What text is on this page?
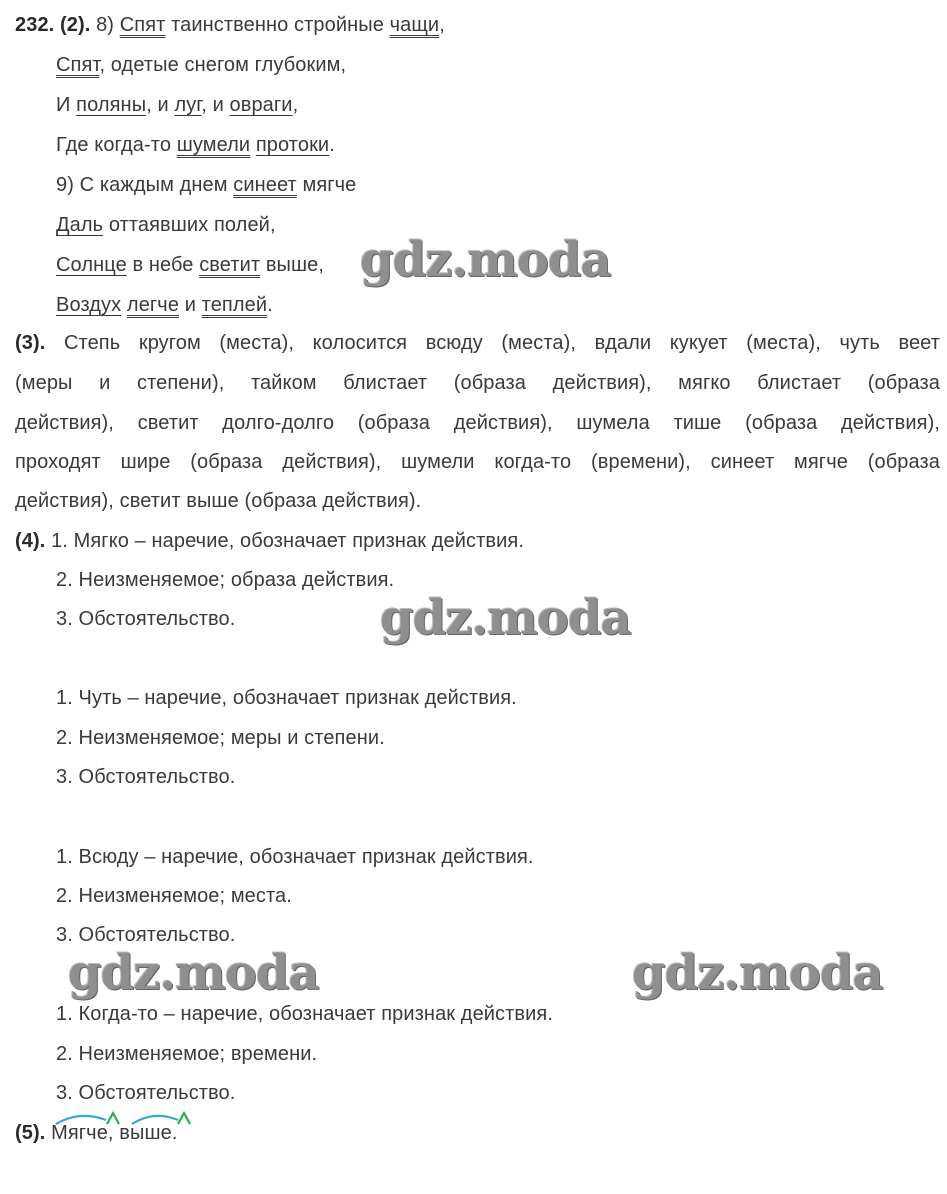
232. (2). 8) Спят таинственно стройные чащи,
Спят, одетые снегом глубоким,
И поляны, и луг, и овраги,
Где когда-то шумели протоки.
9) С каждым днем синеет мягче
Даль оттаявших полей,
Солнце в небе светит выше,
Воздух легче и теплей.
(3). Степь кругом (места), колосится всюду (места), вдали кукует (места), чуть веет
(меры и степени), тайком блистает (образа действия), мягко блистает (образа
действия), светит долго-долго (образа действия), шумела тише (образа действия),
проходят шире (образа действия), шумели когда-то (времени), синеет мягче (образа
действия), светит выше (образа действия).
(4). 1. Мягко – наречие, обозначает признак действия.
2. Неизменяемое; образа действия.
3. Обстоятельство.
1. Чуть – наречие, обозначает признак действия.
2. Неизменяемое; меры и степени.
3. Обстоятельство.
1. Всюду – наречие, обозначает признак действия.
2. Неизменяемое; места.
3. Обстоятельство.
1. Когда-то – наречие, обозначает признак действия.
2. Неизменяемое; времени.
3. Обстоятельство.
(5). Мягче, выше.
gdz.moda
gdz.moda
gdz.moda	gdz.moda
